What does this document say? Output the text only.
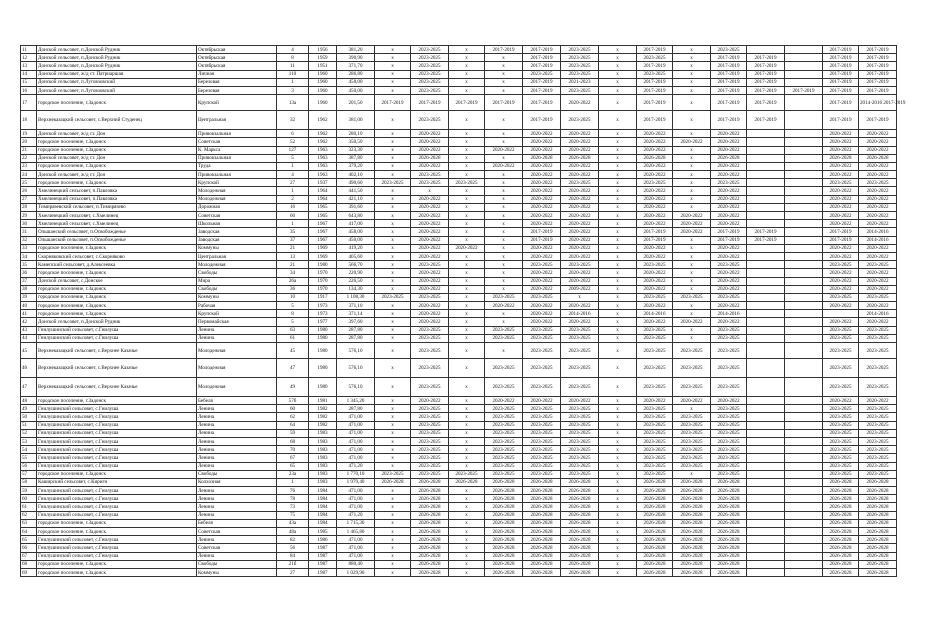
11	Донской сельсовет, п.Донской Рудник	Октябрьская	4	1956	381,20	х	2023-2025	х	2017-2019	2017-2019	2023-2025	х	2017-2019	х	2023-2025			2017-2019	2017-2019
12	Донской сельсовет, п.Донской Рудник	Октябрьская	8	1959	390,90	х	2023-2025	х	х	2017-2019	2023-2025	х	2023-2025	х	2017-2019	2017-2019		2017-2019	2017-2019
13	Донской сельсовет, п.Донской Рудник	Октябрьская	11	1951	371,70	х	2023-2025	х	х	2017-2019	2023-2025	х	2017-2019	х	2017-2019	2017-2019		2017-2019	2017-2019
14	Донской сельсовет, ж/д ст. Патриаршая	Личная	110	1960	286,80	х	2023-2025	х	х	2023-2025	2023-2025	х	2023-2025	х	2017-2019	2017-2019		2017-2019	2017-2019
15	Донской сельсовет, п.Луговзовский	Березовая	1	1960	458,00	х	2023-2025	х	х	2017-2019	2021-2023	х	2017-2019	х	2017-2019	2017-2019		2017-2019	2017-2019
16	Донской сельсовет, п.Луговзовский	Березовая	3	1960	450,00	х	2023-2025	х	х	2017-2019	2023-2025	х	2017-2019	х	2017-2019	2017-2019	2017-2019	2017-2019	2017-2019
17	городское поселение, г.Задонск	Крупской	13а	1960	201,50	2017-2019	2017-2019	2017-2019	2017-2019	2017-2019	2020-2022	х	2017-2019	х	2017-2019	2017-2019		2017-2019	2014-2016 2017-2019
18	Верхнеказацкий сельсовет, с.Верхний Студенец	Центральная	32	1962	381,00	х	2023-2025	х	х	2017-2019	2023-2025	х	2017-2019	х	2017-2019	2017-2019		2017-2019	2017-2019
19	Донской сельсовет, ж/д ст. Дон	Привокзальная	6	1962	280,10	х	2020-2022	х	х	2020-2022	2020-2022	х	2020-2022	х	2020-2022			2020-2022	2020-2022
20	городское поселение, г.Задонск	Советская	52	1962	350,50	х	2020-2022	х	х	2020-2022	2020-2022	х	2020-2022	2020-2022	2020-2022			2020-2022	2020-2022
21	городское поселение, г.Задонск	К. Маркса	127	1963	323,30	х	2020-2022	х	2020-2022	2020-2022	2020-2022	х	2020-2022	х	2020-2022			2020-2022	2020-2022
22	Донской сельсовет, ж/д ст. Дон	Привокзальная	5	1963	387,80	х	2026-2028	х	х	2026-2028	2026-2028	х	2026-2028	х	2026-2028			2026-2028	2026-2028
23	городское поселение, г.Задонск	Труда	1	1963	379,20	х	2020-2022	х	2020-2022	2020-2022	2020-2022	х	2020-2022	х	2020-2022			2020-2022	2020-2022
24	Донской сельсовет, ж/д ст. Дон	Привокзальная	4	1963	402,10	х	2023-2025	х	х	2020-2022	2020-2022	х	2020-2022	х	2020-2022			2020-2022	2020-2022
25	городское поселение, г.Задонск	Крупской	27	1937	490,60	2023-2025	2023-2025	2023-2025	х	2020-2022	2023-2025	х	2023-2025	х	2023-2025			2023-2025	2023-2025
26	Хмелинецкий сельсовет, п.Павловка	Молодежная	1	1964	441,50	х	х	х	х	2020-2022	2020-2022	х	2020-2022	х	2020-2022			2020-2022	2020-2022
27	Хмелинецкий сельсовет, п.Павловка	Молодежная	2	1964	421,10	х	2020-2022	х	х	2020-2022	2020-2022	х	2020-2022	х	2020-2022			2020-2022	2020-2022
28	Тимирязевский сельсовет, п.Тимирязево	Дорожная	16	1965	391,60	х	2020-2022	х	х	2020-2022	2020-2022	х	2020-2022	х	2020-2022			2020-2022	2020-2022
29	Хмелинецкий сельсовет, с.Хмелинец	Советская	60	1965	643,80	х	2020-2022	х	х	2020-2022	2020-2022	х	2020-2022	2020-2022	2020-2022			2020-2022	2020-2022
30	Хмелинецкий сельсовет, с.Хмелинец	Школьная	1	1967	417,00	х	2020-2022	х	х	2020-2022	2020-2022	х	2020-2022	2020-2022	2020-2022			2020-2022	2020-2022
31	Ольшанский сельсовет, п.Освобожденье	Заводская	35	1967	458,00	х	2020-2022	х	х	2017-2019	2020-2022	х	2017-2019	2020-2022	2017-2019	2017-2019		2017-2019	2014-2016
32	Ольшанский сельсовет, п.Освобожденье	Заводская	37	1967	450,00	х	2020-2022	х	х	2017-2019	2020-2022	х	2017-2019	х	2017-2019	2017-2019		2017-2019	2014-2016
33	городское поселение, г.Задонск	Коммуны	21	1969	419,20	х	2020-2022	2020-2022	х	2020-2022	2020-2022	х	2020-2022	х	2020-2022			2020-2022	2020-2022
34	Скорняковский сельсовет, с.Скорняково	Центральная	13	1969	405,60	х	2020-2022	х	х	2020-2022	2020-2022	х	2020-2022	х	2020-2022			2020-2022	2020-2022
35	Камепский сельсовет, д.Алексеевка	Молодежная	21	1980	566,70	х	2023-2025	х	х	2023-2025	2023-2025	х	2023-2025	х	2023-2025			2023-2025	2023-2025
36	городское поселение, г.Задонск	Свободы	34	1970	220,90	х	2020-2022	х	х	2020-2022	2020-2022	х	2020-2022	х	2020-2022			2020-2022	2020-2022
37	Донской сельсовет, с.Донское	Мира	26а	1970	226,50	х	2020-2022	х	х	2020-2022	2020-2022	х	2020-2022	х	2020-2022			2020-2022	2020-2022
38	городское поселение, г.Задонск	Свободы	36	1970	134,30	х	2020-2022	х	х	2020-2022	2009-2022	х	2020-2022	х	2020-2022			2020-2022	2020-2022
39	городское поселение, г.Задонск	Коммуны	10	1917	1 108,30	2023-2025	2023-2025	х	2023-2025	2023-2025	х	х	2023-2025	2023-2025	2023-2025			2023-2025	2023-2025
40	городское поселение, г.Задонск	Рабочая	5	1973	371,10	х	2020-2022	х	2020-2022	2020-2022	2020-2022	х	2020-2022	х	2020-2022			2020-2022	2020-2022
41	городское поселение, г.Задонск	Крупской	8	1973	371,14	х	2020-2022	х	х	2020-2022	2014-2016	х	2014-2016	х	2014-2016				2014-2016
42	Донской сельсовет, п.Донской Рудник	Первомайская	5	1977	397,60	х	2020-2022	х	х	2020-2022	2020-2022	х	2020-2022	2020-2022	2020-2022			2020-2022	2020-2022
43	Гнилушинский сельсовет, с.Гнилуша	Ленина	63	1980	287,80	х	2023-2025	х	2023-2025	2023-2025	2023-2025	х	2023-2025	х	2023-2025			2023-2025	2023-2025
44	Гнилушинский сельсовет, с.Гнилуша	Ленина	61	1980	287,80	х	2023-2025	х	2023-2025	2023-2025	2023-2025	х	2023-2025	х	2023-2025			2023-2025	2023-2025
45	Верхнеказацкий сельсовет, с.Верхнее Казачье	Молодежная	45	1980	576,10	х	2023-2025	х	х	2023-2025	2023-2025	х	2023-2025	2023-2025	2023-2025			2023-2025	2023-2025
46	Верхнеказацкий сельсовет, с.Верхнее Казачье	Молодежная	47	1980	576,10	х	2023-2025	х	2023-2025	2023-2025	2023-2025	х	2023-2025	2023-2025	2023-2025			2023-2025	2023-2025
47	Верхнеказацкий сельсовет, с.Верхнее Казачье	Молодежная	49	1980	576,10	х	2023-2025	х	2023-2025	2023-2025	2023-2025	х	2023-2025	2023-2025	2023-2025			2023-2025	2023-2025
48	городское поселение, г.Задонск	Бебеля	57б	1981	1 345,20	х	2020-2022	х	2020-2022	2020-2022	2020-2022	х	2020-2022	2020-2022	2020-2022			2020-2022	2020-2022
49	Гнилушинский сельсовет, с.Гнилуша	Ленина	60	1982	287,80	х	2023-2025	х	2023-2025	2023-2025	2023-2025	х	2023-2025	х	2023-2025			2023-2025	2023-2025
50	Гнилушинский сельсовет, с.Гнилуша	Ленина	62	1982	471,00	х	2023-2025	х	2023-2025	2023-2025	2023-2025	х	2023-2025	2023-2025	2023-2025			2023-2025	2023-2025
51	Гнилушинский сельсовет, с.Гнилуша	Ленина	64	1982	471,00	х	2023-2025	х	2023-2025	2023-2025	2023-2025	х	2023-2025	2023-2025	2023-2025			2023-2025	2023-2025
52	Гнилушинский сельсовет, с.Гнилуша	Ленина	59	1983	471,00	х	2023-2025	х	2023-2025	2023-2025	2023-2025	х	2023-2025	2023-2025	2023-2025			2023-2025	2023-2025
53	Гнилушинский сельсовет, с.Гнилуша	Ленина	68	1983	471,00	х	2023-2025	х	2023-2025	2023-2025	2023-2025	х	2023-2025	2023-2025	2023-2025			2023-2025	2023-2025
54	Гнилушинский сельсовет, с.Гнилуша	Ленина	70	1983	471,00	х	2023-2025	х	2023-2025	2023-2025	2023-2025	х	2023-2025	2023-2025	2023-2025			2023-2025	2023-2025
55	Гнилушинский сельсовет, с.Гнилуша	Ленина	67	1983	471,00	х	2023-2025	х	2023-2025	2023-2025	2023-2025	х	2023-2025	2023-2025	2023-2025			2023-2025	2023-2025
56	Гнилушинский сельсовет, с.Гнилуша	Ленина	65	1983	471,20	х	2023-2025	х	2023-2025	2023-2025	2023-2025	х	2023-2025	2023-2025	2023-2025			2023-2025	2023-2025
57	городское поселение, г.Задонск	Свободы	23а	1983	1 770,10	2023-2025	2023-2025	2023-2025	2023-2025	2023-2025	2023-2025	х	2023-2025	х	2023-2025			2023-2025	2023-2025
58	Каширский сельсовет, с.Кириги	Колхозная	1	1983	1 979,40	2026-2028	2026-2028	2026-2028	2026-2028	2026-2028	2026-2028	х	2026-2028	2026-2028	2026-2028			2026-2028	2026-2028
59	Гнилушинский сельсовет, с.Гнилуша	Ленина	76	1984	471,00	х	2026-2028	х	2026-2028	2026-2028	2026-2028	х	2026-2028	2026-2028	2026-2028			2026-2028	2026-2028
60	Гнилушинский сельсовет, с.Гнилуша	Ленина	78	1984	471,00	х	2026-2028	х	2026-2028	2026-2028	2026-2028	х	2026-2028	2026-2028	2026-2028			2026-2028	2026-2028
61	Гнилушинский сельсовет, с.Гнилуша	Ленина	73	1984	471,00	х	2026-2028	х	2026-2028	2026-2028	2026-2028	х	2026-2028	2026-2028	2026-2028			2026-2028	2026-2028
62	Гнилушинский сельсовет, с.Гнилуша	Ленина	75	1984	471,20	х	2026-2028	х	2026-2028	2026-2028	2026-2028	х	2026-2028	2026-2028	2026-2028			2026-2028	2026-2028
63	городское поселение, г.Задонск	Бебеля	43а	1984	1 715,30	х	2026-2028	х	2026-2028	2026-2028	2026-2028	х	2026-2028	2026-2028	2026-2028			2026-2028	2026-2028
64	городское поселение, г.Задонск	Советская	48а	1985	1 465,80	х	2026-2028	х	2026-2028	2026-2028	2026-2028	х	2026-2028	2026-2028	2026-2028			2026-2028	2026-2028
65	Гнилушинский сельсовет, с.Гнилуша	Ленина	82	1986	471,00	х	2026-2028	х	2026-2028	2026-2028	2026-2028	х	2026-2028	2026-2028	2026-2028			2026-2028	2026-2028
66	Гнилушинский сельсовет, с.Гнилуша	Советская	56	1987	471,00	х	2026-2028	х	2026-2028	2026-2028	2026-2028	х	2026-2028	2026-2028	2026-2028			2026-2028	2026-2028
67	Гнилушинский сельсовет, с.Гнилуша	Ленина	84	1987	471,00	х	2026-2028	х	2026-2028	2026-2028	2026-2028	х	2026-2028	2026-2028	2026-2028			2026-2028	2026-2028
68	городское поселение, г.Задонск	Свободы	21б	1987	880,40	х	2026-2028	х	2026-2028	2026-2028	2026-2028	х	2026-2028	2026-2028	2026-2028			2026-2028	2026-2028
69	городское поселение, г.Задонск	Коммуны	27	1987	1 029,90	х	2026-2028	х	2026-2028	2026-2028	2026-2028	х	2026-2028	2026-2028	2026-2028			2026-2028	2026-2028
